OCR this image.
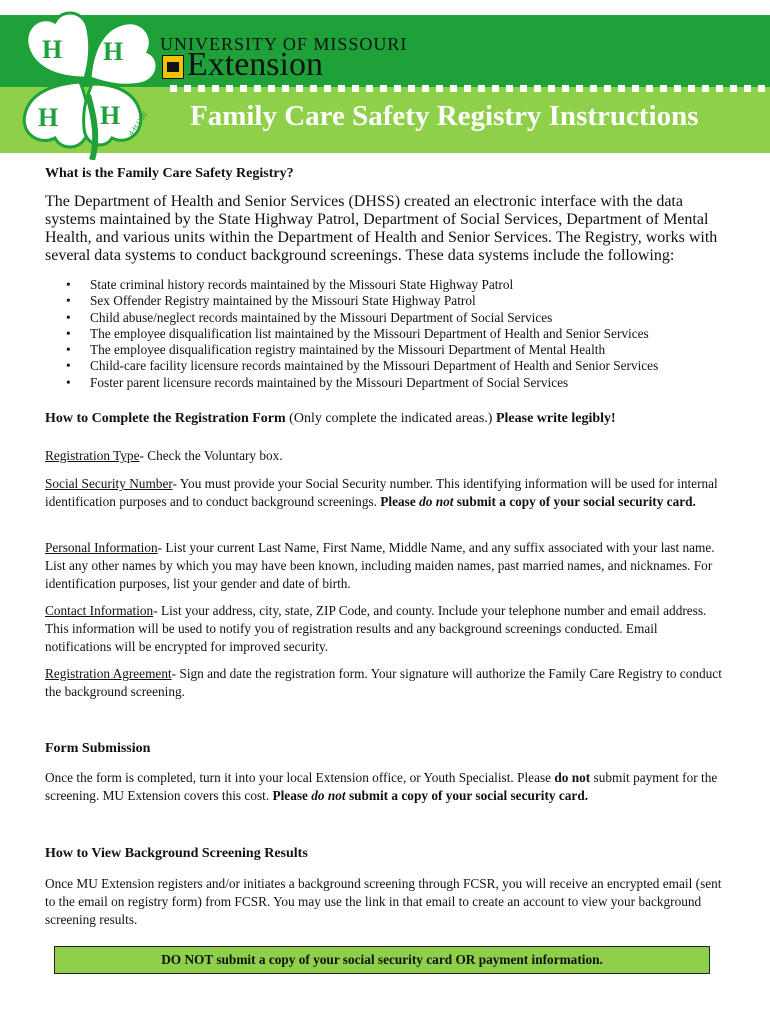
H H
H H 4-H USE
UNIVERSITY OF MISSOURI
Extension
Family Care Safety Registry Instructions

What is the Family Care Safety Registry?

The Department of Health and Senior Services (DHSS) created an electronic interface with the data systems maintained by the State Highway Patrol, Department of Social Services, Department of Mental Health, and various units within the Department of Health and Senior Services. The Registry, works with several data systems to conduct background screenings. These data systems include the following:

• State criminal history records maintained by the Missouri State Highway Patrol
• Sex Offender Registry maintained by the Missouri State Highway Patrol
• Child abuse/neglect records maintained by the Missouri Department of Social Services
• The employee disqualification list maintained by the Missouri Department of Health and Senior Services
• The employee disqualification registry maintained by the Missouri Department of Mental Health
• Child-care facility licensure records maintained by the Missouri Department of Health and Senior Services
• Foster parent licensure records maintained by the Missouri Department of Social Services

How to Complete the Registration Form (Only complete the indicated areas.) Please write legibly!

Registration Type- Check the Voluntary box.

Social Security Number- You must provide your Social Security number. This identifying information will be used for internal identification purposes and to conduct background screenings. Please do not submit a copy of your social security card.

Personal Information- List your current Last Name, First Name, Middle Name, and any suffix associated with your last name. List any other names by which you may have been known, including maiden names, past married names, and nicknames. For identification purposes, list your gender and date of birth.

Contact Information- List your address, city, state, ZIP Code, and county. Include your telephone number and email address. This information will be used to notify you of registration results and any background screenings conducted. Email notifications will be encrypted for improved security.

Registration Agreement- Sign and date the registration form. Your signature will authorize the Family Care Registry to conduct the background screening.

Form Submission

Once the form is completed, turn it into your local Extension office, or Youth Specialist. Please do not submit payment for the screening. MU Extension covers this cost. Please do not submit a copy of your social security card.

How to View Background Screening Results

Once MU Extension registers and/or initiates a background screening through FCSR, you will receive an encrypted email (sent to the email on registry form) from FCSR. You may use the link in that email to create an account to view your background screening results.

DO NOT submit a copy of your social security card OR payment information.
